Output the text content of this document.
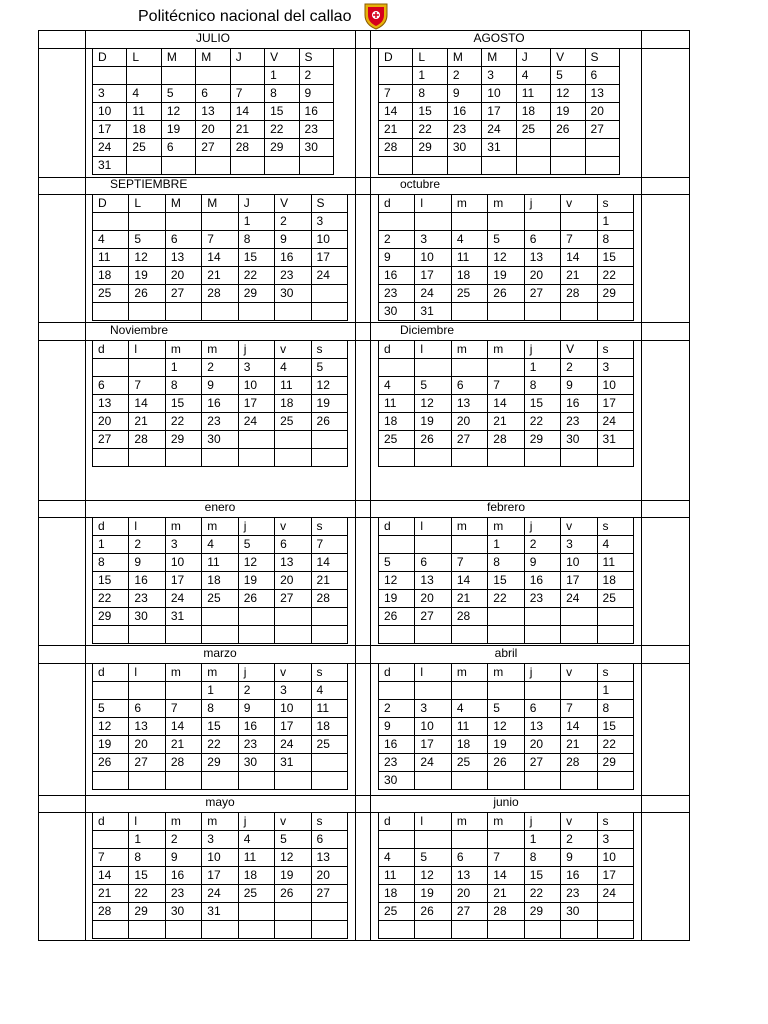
Politécnico nacional del callao
JULIO
D	L	M	M	J	V	S
					1	2
3	4	5	6	7	8	9
10	11	12	13	14	15	16
17	18	19	20	21	22	23
24	25	6	27	28	29	30
31						
AGOSTO
D	L	M	M	J	V	S
	1	2	3	4	5	6
7	8	9	10	11	12	13
14	15	16	17	18	19	20
21	22	23	24	25	26	27
28	29	30	31			

SEPTIEMBRE
D	L	M	M	J	V	S
				1	2	3
4	5	6	7	8	9	10
11	12	13	14	15	16	17
18	19	20	21	22	23	24
25	26	27	28	29	30	

octubre
d	l	m	m	j	v	s
						1
2	3	4	5	6	7	8
9	10	11	12	13	14	15
16	17	18	19	20	21	22
23	24	25	26	27	28	29
30	31					
Noviembre
d	l	m	m	j	v	s
		1	2	3	4	5
6	7	8	9	10	11	12
13	14	15	16	17	18	19
20	21	22	23	24	25	26
27	28	29	30			

Diciembre
d	l	m	m	j	V	s
				1	2	3
4	5	6	7	8	9	10
11	12	13	14	15	16	17
18	19	20	21	22	23	24
25	26	27	28	29	30	31

enero
d	l	m	m	j	v	s
1	2	3	4	5	6	7
8	9	10	11	12	13	14
15	16	17	18	19	20	21
22	23	24	25	26	27	28
29	30	31				

febrero
d	l	m	m	j	v	s
			1	2	3	4
5	6	7	8	9	10	11
12	13	14	15	16	17	18
19	20	21	22	23	24	25
26	27	28				

marzo
d	l	m	m	j	v	s
			1	2	3	4
5	6	7	8	9	10	11
12	13	14	15	16	17	18
19	20	21	22	23	24	25
26	27	28	29	30	31	

abril
d	l	m	m	j	v	s
						1
2	3	4	5	6	7	8
9	10	11	12	13	14	15
16	17	18	19	20	21	22
23	24	25	26	27	28	29
30						
mayo
d	l	m	m	j	v	s
	1	2	3	4	5	6
7	8	9	10	11	12	13
14	15	16	17	18	19	20
21	22	23	24	25	26	27
28	29	30	31			

junio
d	l	m	m	j	v	s
				1	2	3
4	5	6	7	8	9	10
11	12	13	14	15	16	17
18	19	20	21	22	23	24
25	26	27	28	29	30	
